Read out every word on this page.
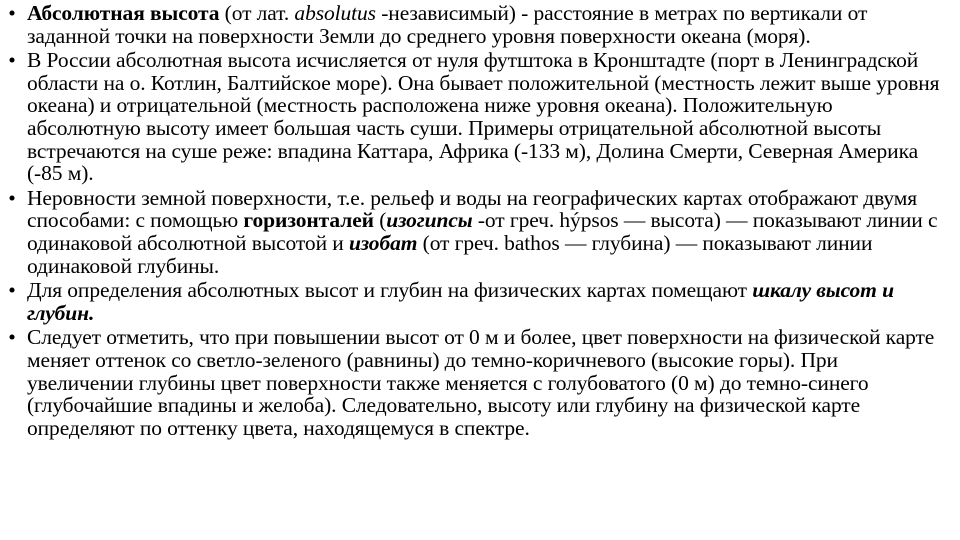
• Абсолютная высота (от лат. absolutus -независимый) - расстояние в метрах по вертикали от заданной точки на поверхности Земли до среднего уровня поверхности океана (моря).
• В России абсолютная высота исчисляется от нуля футштока в Кронштадте (порт в Ленинградской области на о. Котлин, Балтийское море). Она бывает положительной (местность лежит выше уровня океана) и отрицательной (местность расположена ниже уровня океана). Положительную абсолютную высоту имеет большая часть суши. Примеры отрицательной абсолютной высоты встречаются на суше реже: впадина Каттара, Африка (-133 м), Долина Смерти, Северная Америка (-85 м).
• Неровности земной поверхности, т.е. рельеф и воды на географических картах отображают двумя способами: с помощью горизонталей (изогипсы -от греч. hýpsos — высота) — показывают линии с одинаковой абсолютной высотой и изобат (от греч. bathos — глубина) — показывают линии одинаковой глубины.
• Для определения абсолютных высот и глубин на физических картах помещают шкалу высот и глубин.
• Следует отметить, что при повышении высот от 0 м и более, цвет поверхности на физической карте меняет оттенок со светло-зеленого (равнины) до темно-коричневого (высокие горы). При увеличении глубины цвет поверхности также меняется с голубоватого (0 м) до темно-синего (глубочайшие впадины и желоба). Следовательно, высоту или глубину на физической карте определяют по оттенку цвета, находящемуся в спектре.
